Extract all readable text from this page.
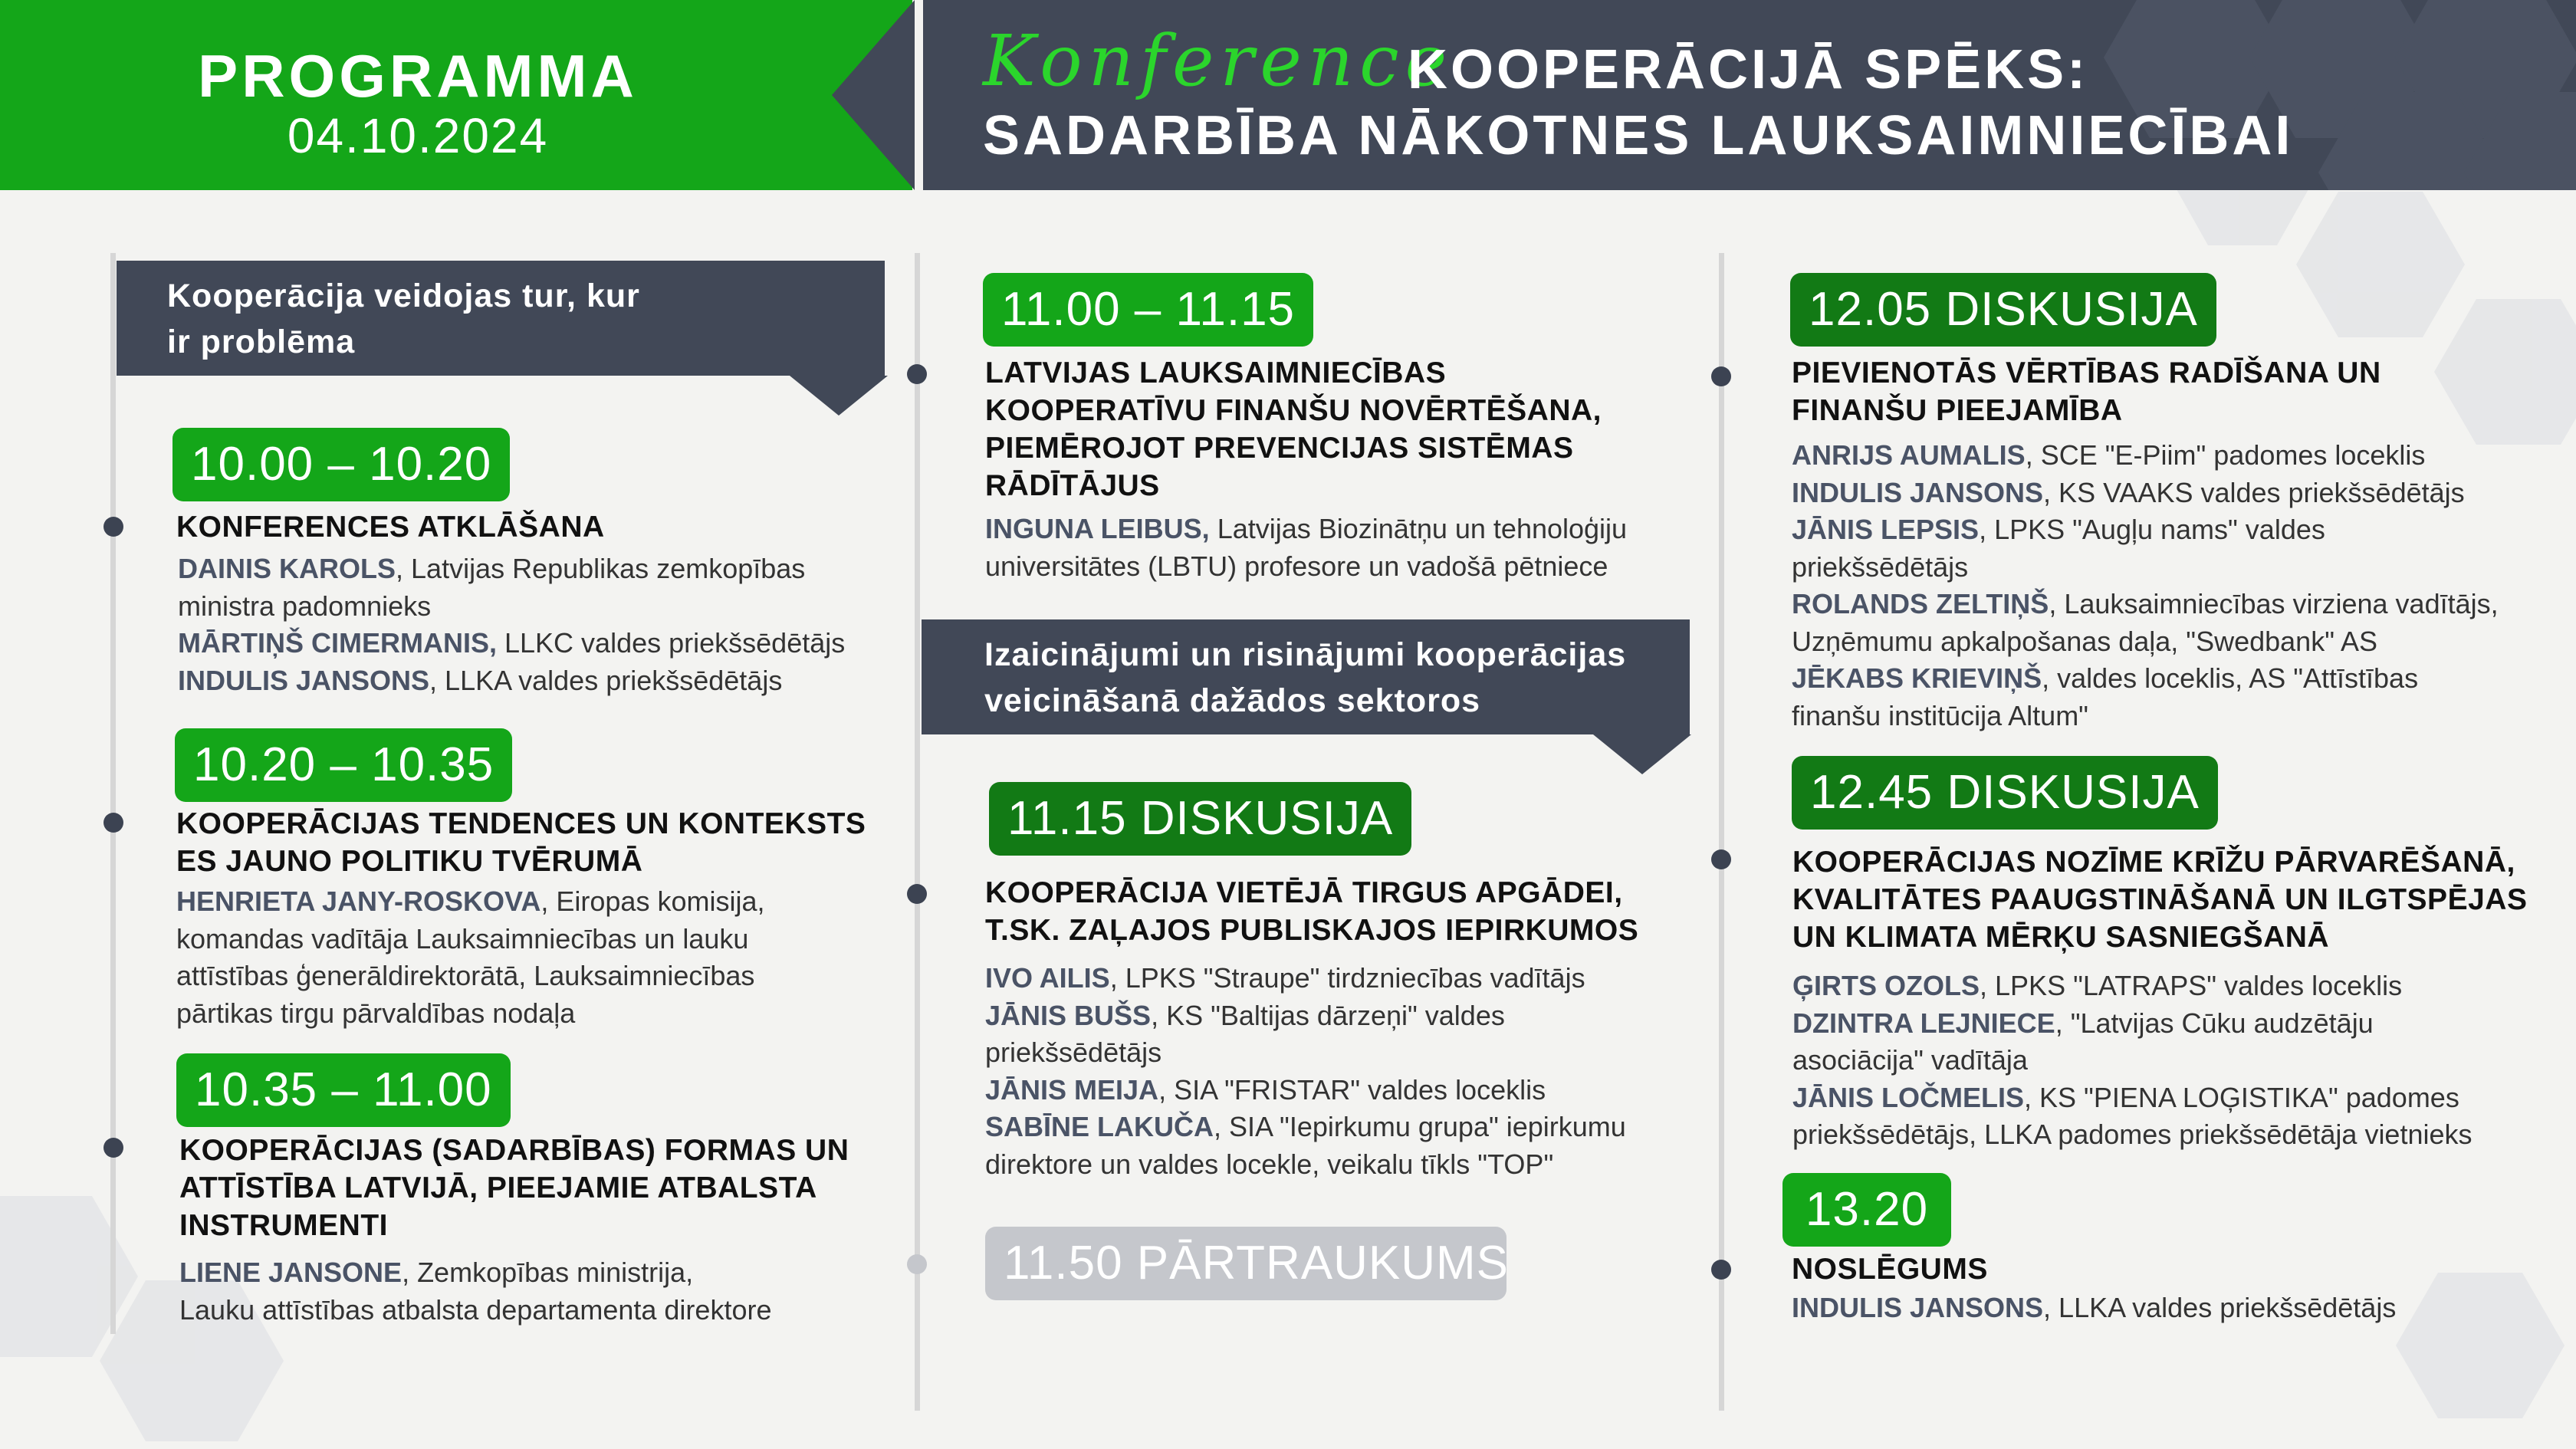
PROGRAMMA
04.10.2024
Konference
KOOPERĀCIJĀ SPĒKS:
SADARBĪBA NĀKOTNES LAUKSAIMNIECĪBAI
Kooperācija veidojas tur, kur
ir problēma
10.00 – 10.20
KONFERENCES ATKLĀŠANA
DAINIS KAROLS, Latvijas Republikas zemkopības
ministra padomnieks
MĀRTIŅŠ CIMERMANIS, LLKC valdes priekšsēdētājs
INDULIS JANSONS, LLKA valdes priekšsēdētājs
10.20 – 10.35
KOOPERĀCIJAS TENDENCES UN KONTEKSTS
ES JAUNO POLITIKU TVĒRUMĀ
HENRIETA JANY-ROSKOVA, Eiropas komisija,
komandas vadītāja Lauksaimniecības un lauku
attīstības ģenerāldirektorātā, Lauksaimniecības
pārtikas tirgu pārvaldības nodaļa
10.35 – 11.00
KOOPERĀCIJAS (SADARBĪBAS) FORMAS UN
ATTĪSTĪBA LATVIJĀ, PIEEJAMIE ATBALSTA
INSTRUMENTI
LIENE JANSONE, Zemkopības ministrija,
Lauku attīstības atbalsta departamenta direktore
11.00 – 11.15
LATVIJAS LAUKSAIMNIECĪBAS
KOOPERATĪVU FINANŠU NOVĒRTĒŠANA,
PIEMĒROJOT PREVENCIJAS SISTĒMAS
RĀDĪTĀJUS
INGUNA LEIBUS, Latvijas Biozinātņu un tehnoloģiju
universitātes (LBTU) profesore un vadošā pētniece
Izaicinājumi un risinājumi kooperācijas
veicināšanā dažādos sektoros
11.15 DISKUSIJA
KOOPERĀCIJA VIETĒJĀ TIRGUS APGĀDEI,
T.SK. ZAĻAJOS PUBLISKAJOS IEPIRKUMOS
IVO AILIS, LPKS "Straupe" tirdzniecības vadītājs
JĀNIS BUŠS, KS "Baltijas dārzeņi" valdes
priekšsēdētājs
JĀNIS MEIJA, SIA "FRISTAR" valdes loceklis
SABĪNE LAKUČA, SIA "Iepirkumu grupa" iepirkumu
direktore un valdes locekle, veikalu tīkls "TOP"
11.50 PĀRTRAUKUMS
12.05 DISKUSIJA
PIEVIENOTĀS VĒRTĪBAS RADĪŠANA UN
FINANŠU PIEEJAMĪBA
ANRIJS AUMALIS, SCE "E-Piim" padomes loceklis
INDULIS JANSONS, KS VAAKS valdes priekšsēdētājs
JĀNIS LEPSIS, LPKS "Augļu nams" valdes
priekšsēdētājs
ROLANDS ZELTIŅŠ, Lauksaimniecības virziena vadītājs,
Uzņēmumu apkalpošanas daļa, "Swedbank" AS
JĒKABS KRIEVIŅŠ, valdes loceklis, AS "Attīstības
finanšu institūcija Altum"
12.45 DISKUSIJA
KOOPERĀCIJAS NOZĪME KRĪŽU PĀRVARĒŠANĀ,
KVALITĀTES PAAUGSTINĀŠANĀ UN ILGTSPĒJAS
UN KLIMATA MĒRĶU SASNIEGŠANĀ
ĢIRTS OZOLS, LPKS "LATRAPS" valdes loceklis
DZINTRA LEJNIECE, "Latvijas Cūku audzētāju
asociācija" vadītāja
JĀNIS LOČMELIS, KS "PIENA LOĢISTIKA" padomes
priekšsēdētājs, LLKA padomes priekšsēdētāja vietnieks
13.20
NOSLĒGUMS
INDULIS JANSONS, LLKA valdes priekšsēdētājs
